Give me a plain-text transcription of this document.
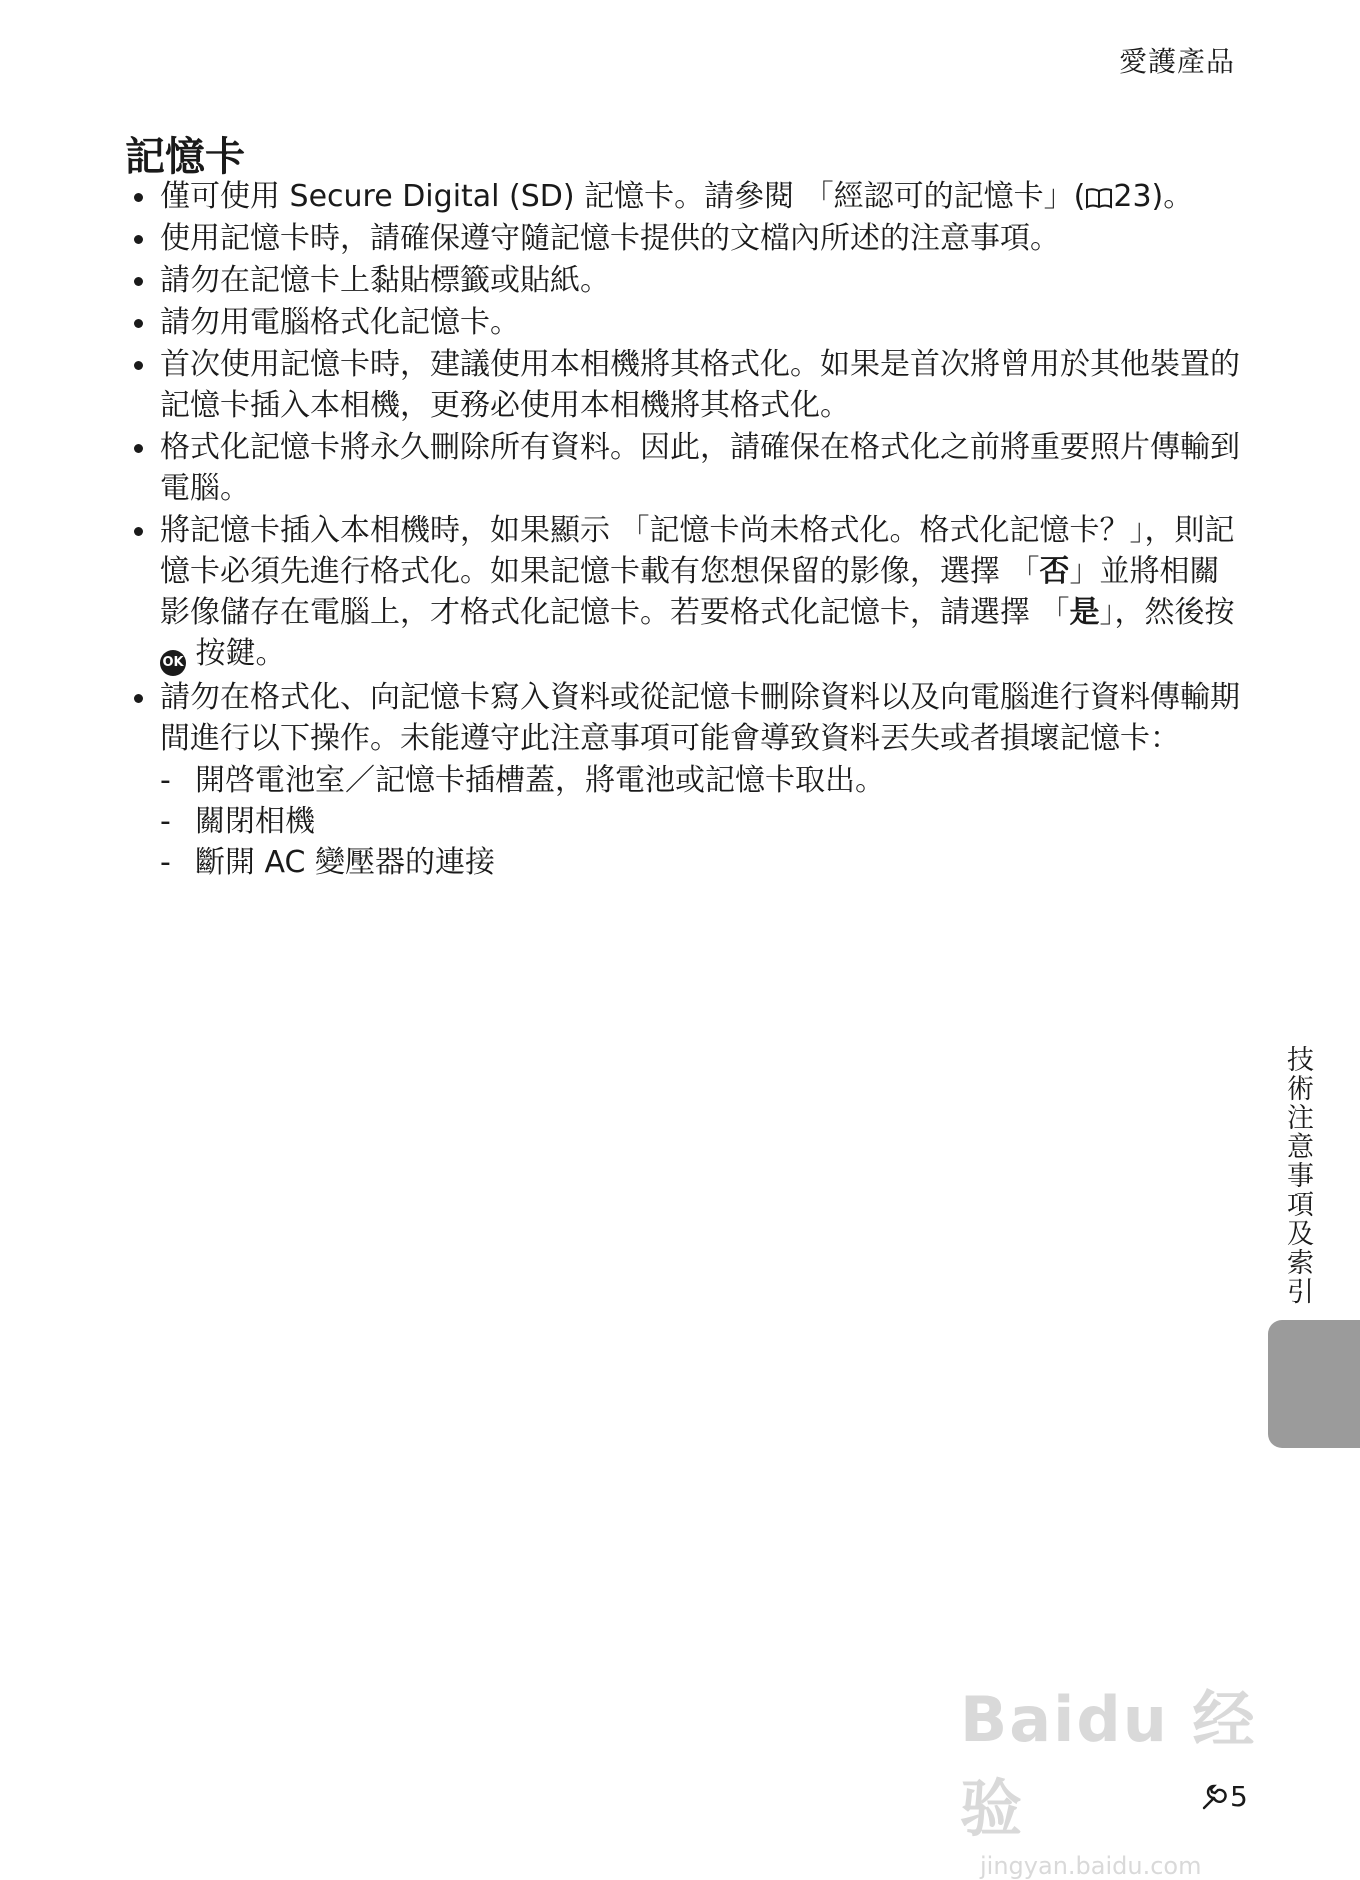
愛護產品
記憶卡
僅可使用 Secure Digital (SD) 記憶卡。請參閱 「經認可的記憶卡」( 23)。
使用記憶卡時，請確保遵守隨記憶卡提供的文檔內所述的注意事項。
請勿在記憶卡上黏貼標籤或貼紙。
請勿用電腦格式化記憶卡。
首次使用記憶卡時，建議使用本相機將其格式化。如果是首次將曾用於其他裝置的記憶卡插入本相機，更務必使用本相機將其格式化。
格式化記憶卡將永久刪除所有資料。因此，請確保在格式化之前將重要照片傳輸到電腦。
將記憶卡插入本相機時，如果顯示 「記憶卡尚未格式化。格式化記憶卡？」，則記憶卡必須先進行格式化。如果記憶卡載有您想保留的影像，選擇 「否」並將相關影像儲存在電腦上，才格式化記憶卡。若要格式化記憶卡，請選擇 「是」，然後按 OK 按鍵。
請勿在格式化、向記憶卡寫入資料或從記憶卡刪除資料以及向電腦進行資料傳輸期間進行以下操作。未能遵守此注意事項可能會導致資料丟失或者損壞記憶卡：
- 開啓電池室／記憶卡插槽蓋，將電池或記憶卡取出。
- 關閉相機
- 斷開 AC 變壓器的連接
技術注意事項及索引
Baidu 经验
jingyan.baidu.com
5
